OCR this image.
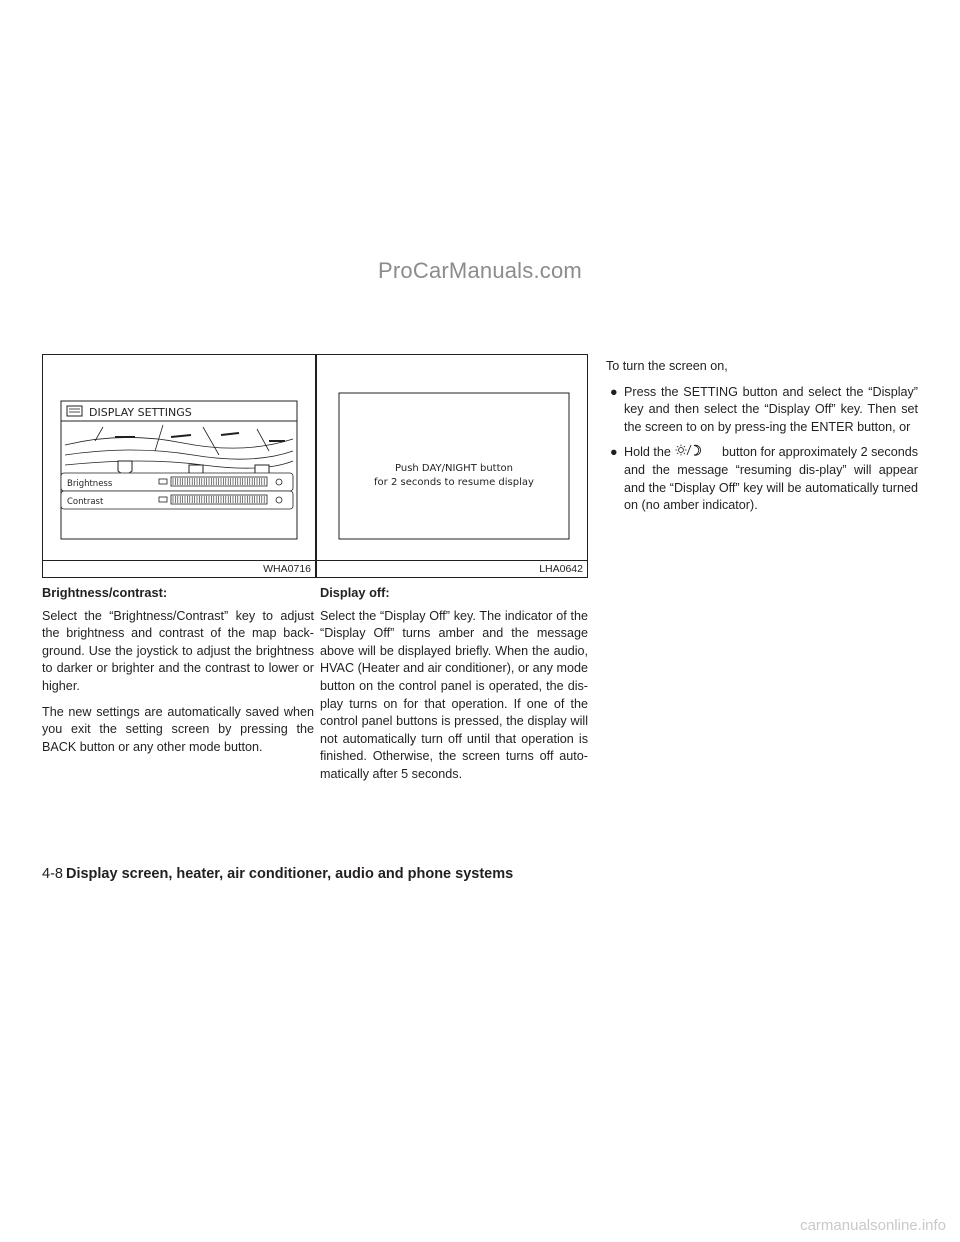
ProCarManuals.com
DISPLAY SETTINGS
Brightness
Contrast
WHA0716
Push DAY/NIGHT button
for 2 seconds to resume display
LHA0642
Brightness/contrast:

Select the “Brightness/Contrast” key to adjust the brightness and contrast of the map back-ground. Use the joystick to adjust the brightness to darker or brighter and the contrast to lower or higher.

The new settings are automatically saved when you exit the setting screen by pressing the BACK button or any other mode button.

Display off:

Select the “Display Off” key. The indicator of the “Display Off” turns amber and the message above will be displayed briefly. When the audio, HVAC (Heater and air conditioner), or any mode button on the control panel is operated, the dis-play turns on for that operation. If one of the control panel buttons is pressed, the display will not automatically turn off until that operation is finished. Otherwise, the screen turns off auto-matically after 5 seconds.

To turn the screen on,

● Press the SETTING button and select the “Display” key and then select the “Display Off” key. Then set the screen to on by press-ing the ENTER button, or
● Hold the	button for approximately 2 seconds and the message “resuming dis-play” will appear and the “Display Off” key will be automatically turned on (no amber indicator).
4-8 Display screen, heater, air conditioner, audio and phone systems
carmanualsonline.info
